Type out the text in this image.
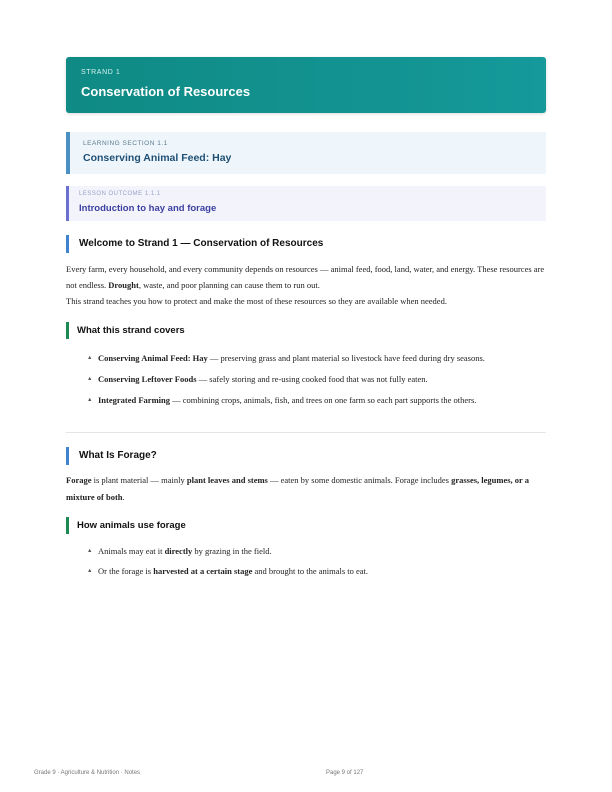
STRAND 1
Conservation of Resources
LEARNING SECTION 1.1
Conserving Animal Feed: Hay
LESSON OUTCOME 1.1.1
Introduction to hay and forage
Welcome to Strand 1 — Conservation of Resources
Every farm, every household, and every community depends on resources — animal feed, food, land, water, and energy. These resources are not endless. Drought, waste, and poor planning can cause them to run out.
This strand teaches you how to protect and make the most of these resources so they are available when needed.
What this strand covers
▲ Conserving Animal Feed: Hay — preserving grass and plant material so livestock have feed during dry seasons.
▲ Conserving Leftover Foods — safely storing and re-using cooked food that was not fully eaten.
▲ Integrated Farming — combining crops, animals, fish, and trees on one farm so each part supports the others.
What Is Forage?
Forage is plant material — mainly plant leaves and stems — eaten by some domestic animals. Forage includes grasses, legumes, or a mixture of both.
How animals use forage
▲ Animals may eat it directly by grazing in the field.
▲ Or the forage is harvested at a certain stage and brought to the animals to eat.
Grade 9 · Agriculture & Nutrition · Notes	Page 9 of 127
